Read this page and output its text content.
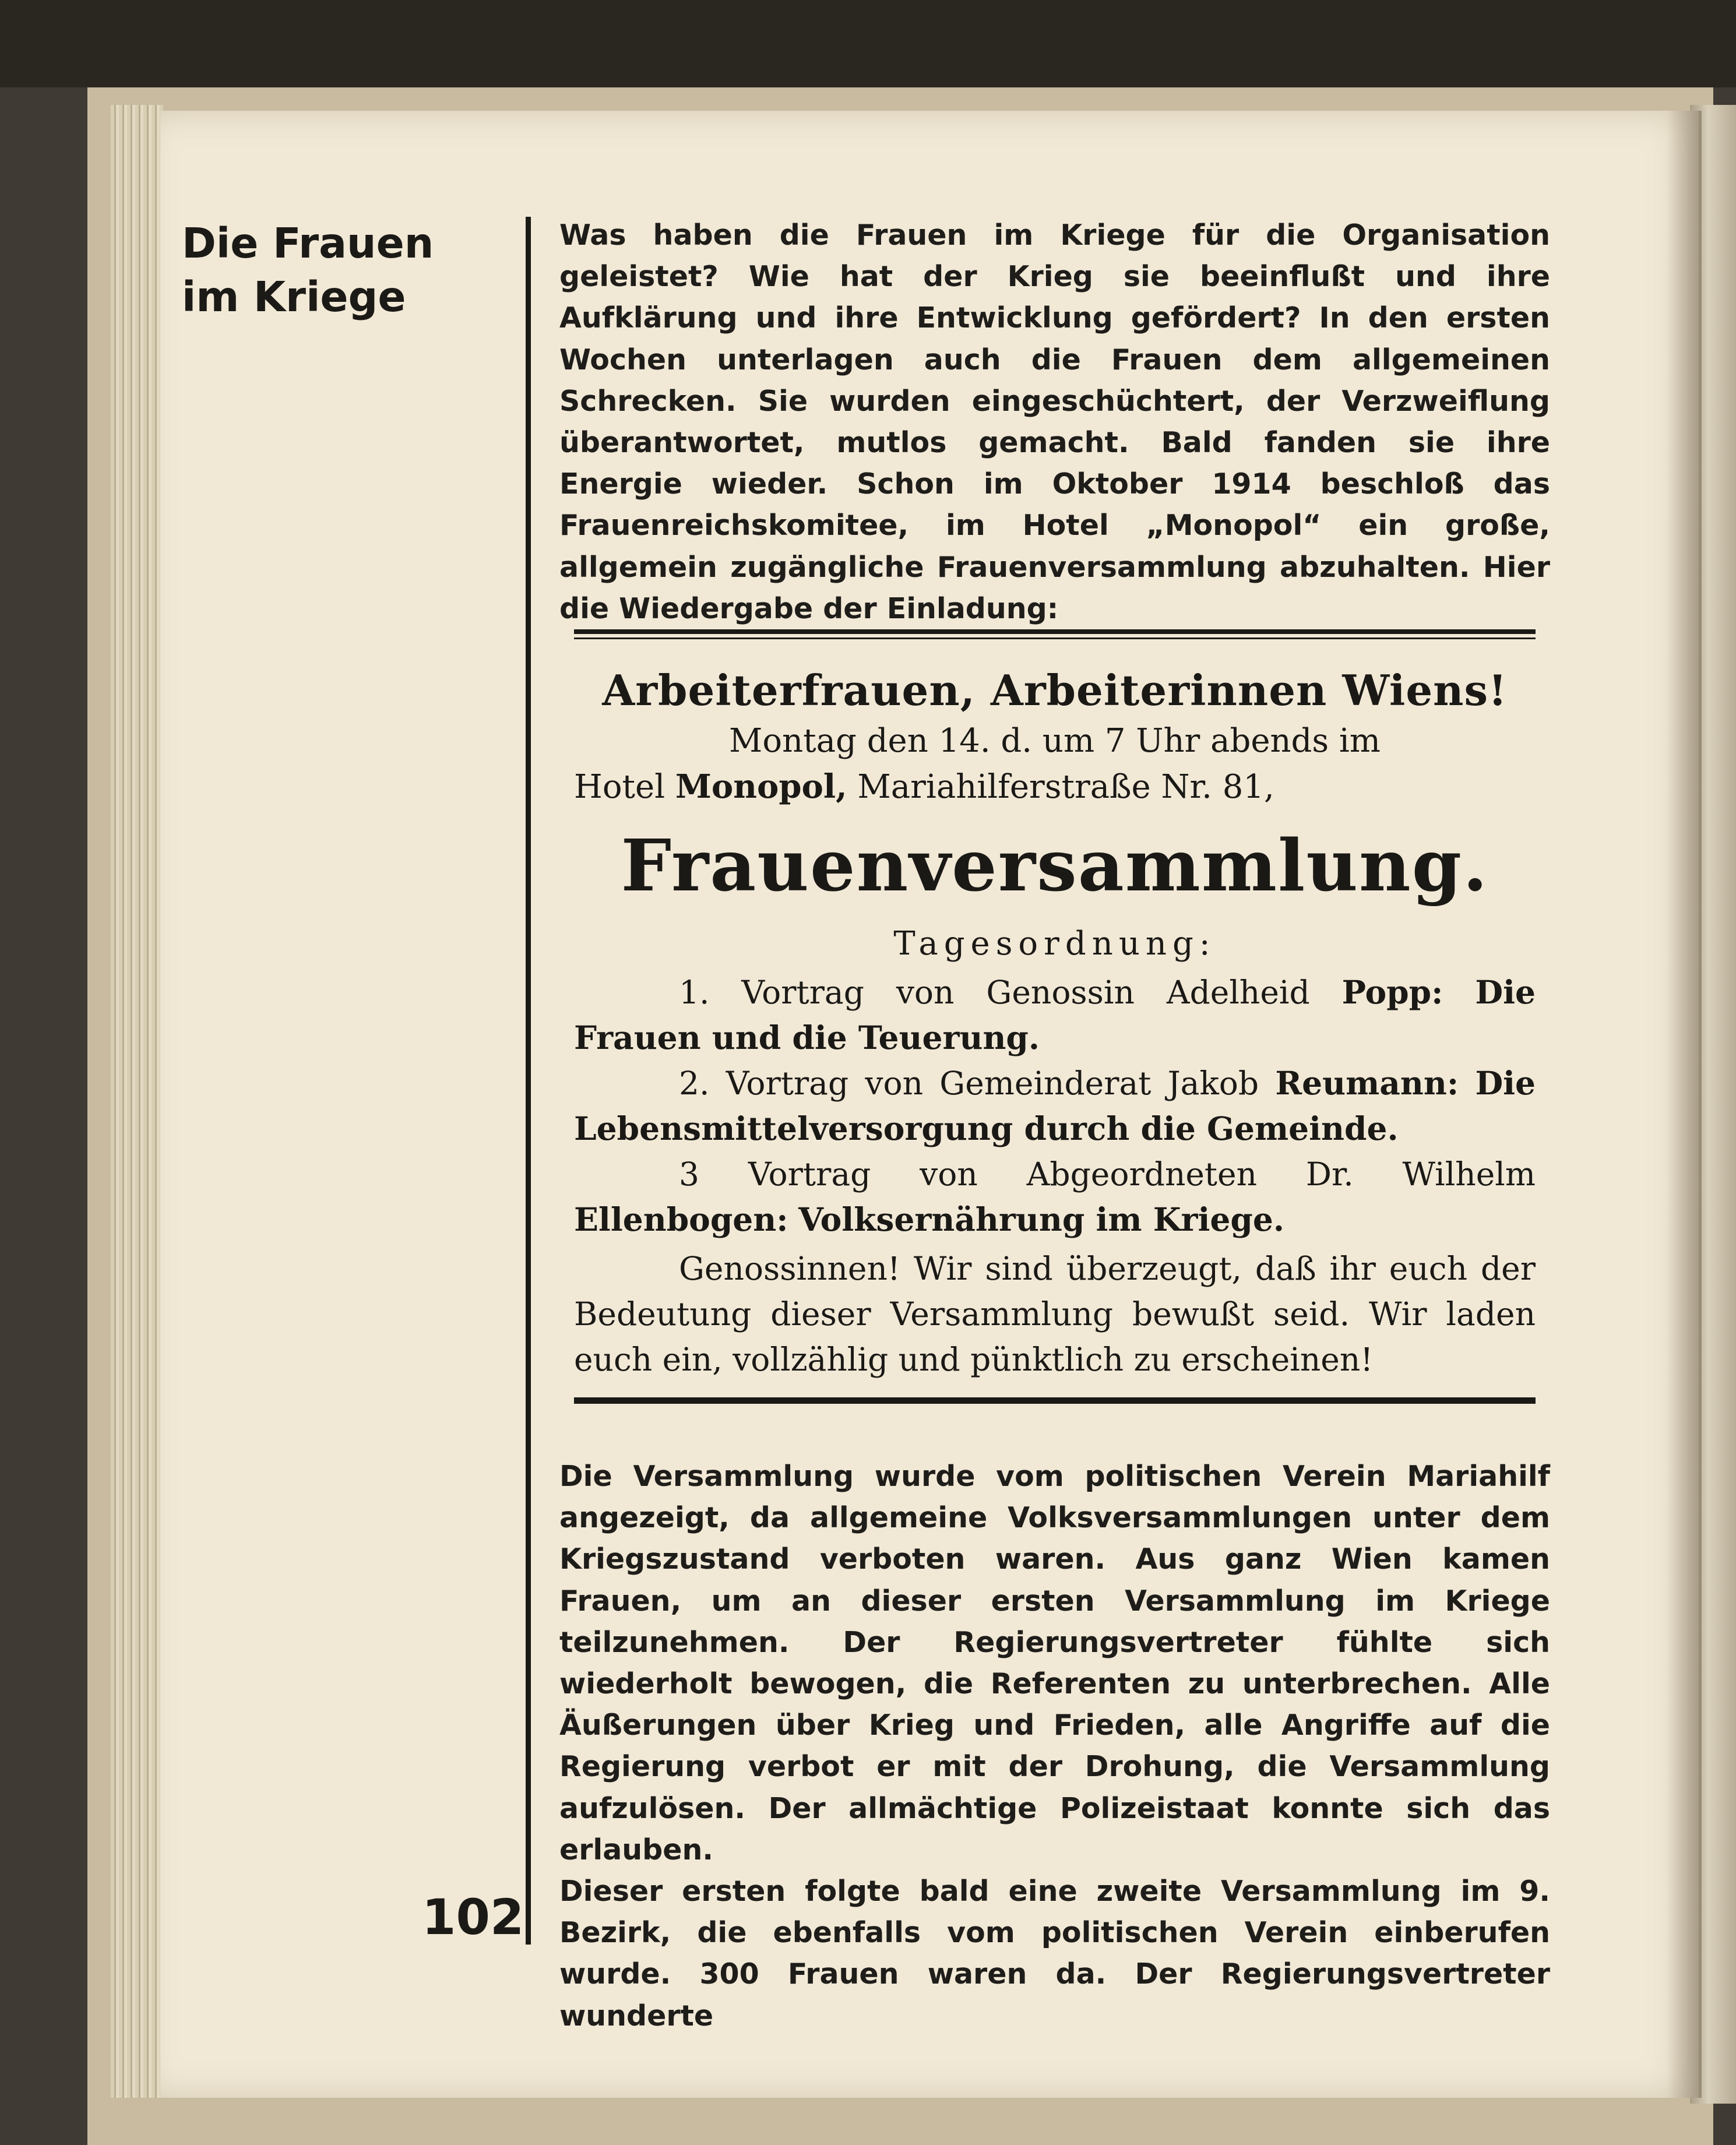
Die Frauen
im Kriege

Was haben die Frauen im Kriege für die Organisation geleistet? Wie hat der Krieg sie beeinflußt und ihre Aufklärung und ihre Entwicklung gefördert? In den ersten Wochen unterlagen auch die Frauen dem allgemeinen Schrecken. Sie wurden eingeschüchtert, der Verzweiflung überantwortet, mutlos gemacht. Bald fanden sie ihre Energie wieder. Schon im Oktober 1914 beschloß das Frauenreichskomitee, im Hotel „Monopol“ ein große, allgemein zugängliche Frauenversammlung abzuhalten. Hier die Wiedergabe der Einladung:

Arbeiterfrauen, Arbeiterinnen Wiens!

Montag den 14. d. um 7 Uhr abends im

Hotel Monopol, Mariahilferstraße Nr. 81,

Frauenversammlung.
Tagesordnung:

1. Vortrag von Genossin Adelheid Popp: Die Frauen und die Teuerung.

2. Vortrag von Gemeinderat Jakob Reumann: Die Lebensmittelversorgung durch die Gemeinde.

3 Vortrag von Abgeordneten Dr. Wilhelm Ellenbogen: Volksernährung im Kriege.

Genossinnen! Wir sind überzeugt, daß ihr euch der Bedeutung dieser Versammlung bewußt seid. Wir laden euch ein, vollzählig und pünktlich zu erscheinen!

Die Versammlung wurde vom politischen Verein Mariahilf angezeigt, da allgemeine Volksversammlungen unter dem Kriegszustand verboten waren. Aus ganz Wien kamen Frauen, um an dieser ersten Versammlung im Kriege teilzunehmen. Der Regierungsvertreter fühlte sich wiederholt bewogen, die Referenten zu unterbrechen. Alle Äußerungen über Krieg und Frieden, alle Angriffe auf die Regierung verbot er mit der Drohung, die Versammlung aufzulösen. Der allmächtige Polizeistaat konnte sich das erlauben.

Dieser ersten folgte bald eine zweite Versammlung im 9. Bezirk, die ebenfalls vom politischen Verein einberufen wurde. 300 Frauen waren da. Der Regierungsvertreter wunderte

102
